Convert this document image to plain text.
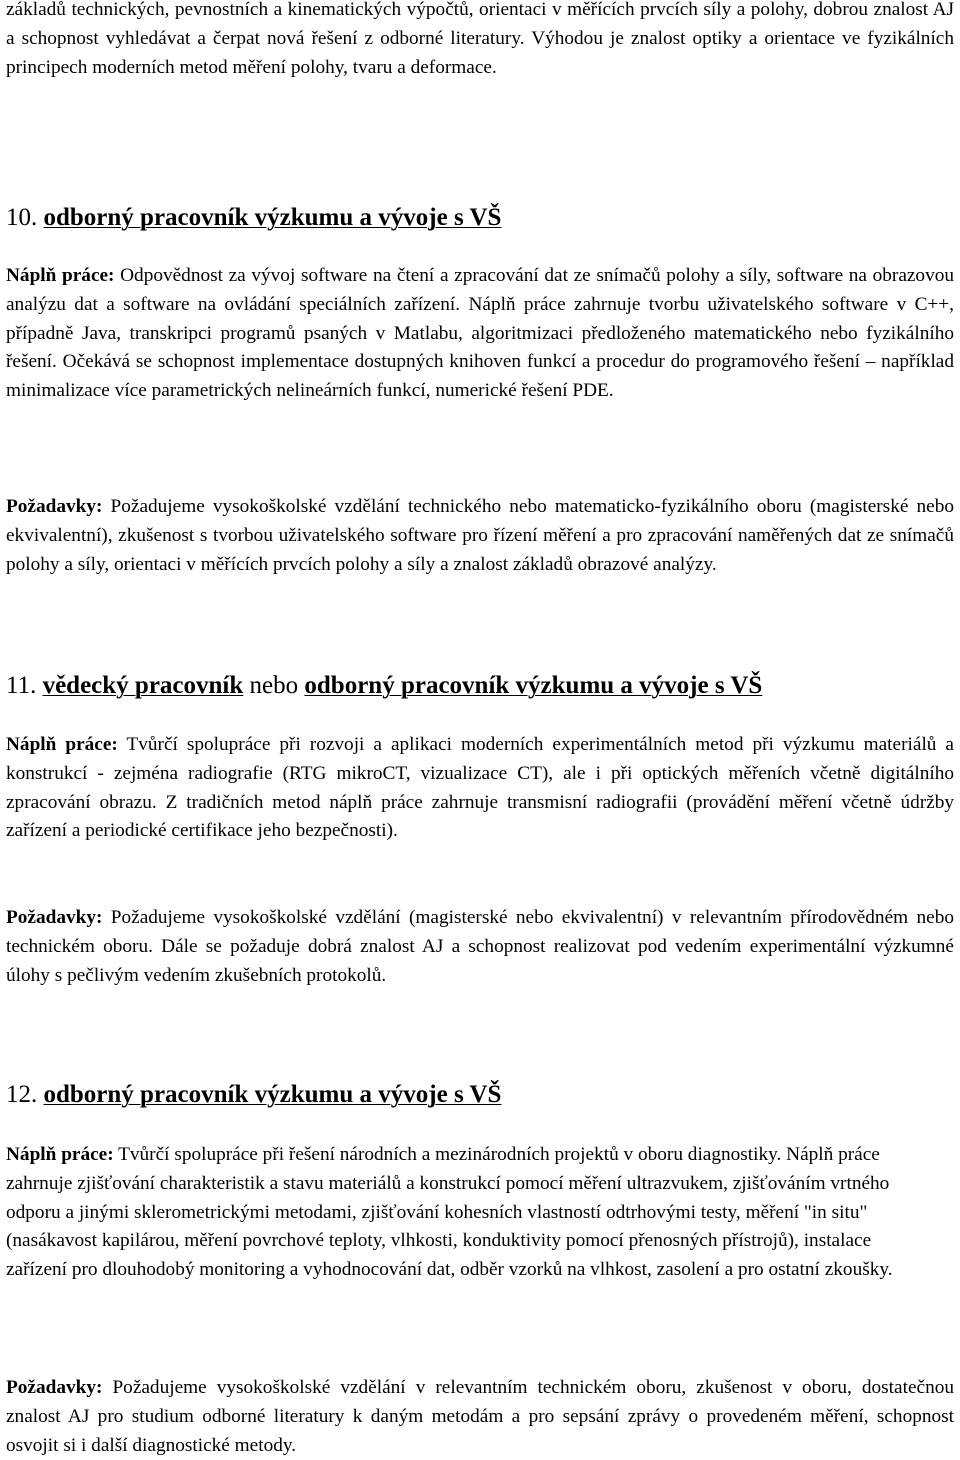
základů technických, pevnostních a kinematických výpočtů, orientaci v měřících prvcích síly a polohy, dobrou znalost AJ a schopnost vyhledávat a čerpat nová řešení z odborné literatury. Výhodou je znalost optiky a orientace ve fyzikálních principech moderních metod měření polohy, tvaru a deformace.

10. odborný pracovník výzkumu a vývoje s VŠ

Náplň práce: Odpovědnost za vývoj software na čtení a zpracování dat ze snímačů polohy a síly, software na obrazovou analýzu dat a software na ovládání speciálních zařízení. Náplň práce zahrnuje tvorbu uživatelského software v C++, případně Java, transkripci programů psaných v Matlabu, algoritmizaci předloženého matematického nebo fyzikálního řešení. Očekává se schopnost implementace dostupných knihoven funkcí a procedur do programového řešení – například minimalizace více parametrických nelineárních funkcí, numerické řešení PDE.

Požadavky: Požadujeme vysokoškolské vzdělání technického nebo matematicko-fyzikálního oboru (magisterské nebo ekvivalentní), zkušenost s tvorbou uživatelského software pro řízení měření a pro zpracování naměřených dat ze snímačů polohy a síly, orientaci v měřících prvcích polohy a síly a znalost základů obrazové analýzy.

11. vědecký pracovník nebo odborný pracovník výzkumu a vývoje s VŠ

Náplň práce: Tvůrčí spolupráce při rozvoji a aplikaci moderních experimentálních metod při výzkumu materiálů a konstrukcí - zejména radiografie (RTG mikroCT, vizualizace CT), ale i při optických měřeních včetně digitálního zpracování obrazu. Z tradičních metod náplň práce zahrnuje transmisní radiografii (provádění měření včetně údržby zařízení a periodické certifikace jeho bezpečnosti).

Požadavky: Požadujeme vysokoškolské vzdělání (magisterské nebo ekvivalentní) v relevantním přírodovědném nebo technickém oboru. Dále se požaduje dobrá znalost AJ a schopnost realizovat pod vedením experimentální výzkumné úlohy s pečlivým vedením zkušebních protokolů.

12. odborný pracovník výzkumu a vývoje s VŠ

Náplň práce: Tvůrčí spolupráce při řešení národních a mezinárodních projektů v oboru diagnostiky. Náplň práce zahrnuje zjišťování charakteristik a stavu materiálů a konstrukcí pomocí měření ultrazvukem, zjišťováním vrtného odporu a jinými sklerometrickými metodami, zjišťování kohesních vlastností odtrhovými testy, měření "in situ" (nasákavost kapilárou, měření povrchové teploty, vlhkosti, konduktivity pomocí přenosných přístrojů), instalace zařízení pro dlouhodobý monitoring a vyhodnocování dat, odběr vzorků na vlhkost, zasolení a pro ostatní zkoušky.

Požadavky: Požadujeme vysokoškolské vzdělání v relevantním technickém oboru, zkušenost v oboru, dostatečnou znalost AJ pro studium odborné literatury k daným metodám a pro sepsání zprávy o provedeném měření, schopnost osvojit si i další diagnostické metody.
